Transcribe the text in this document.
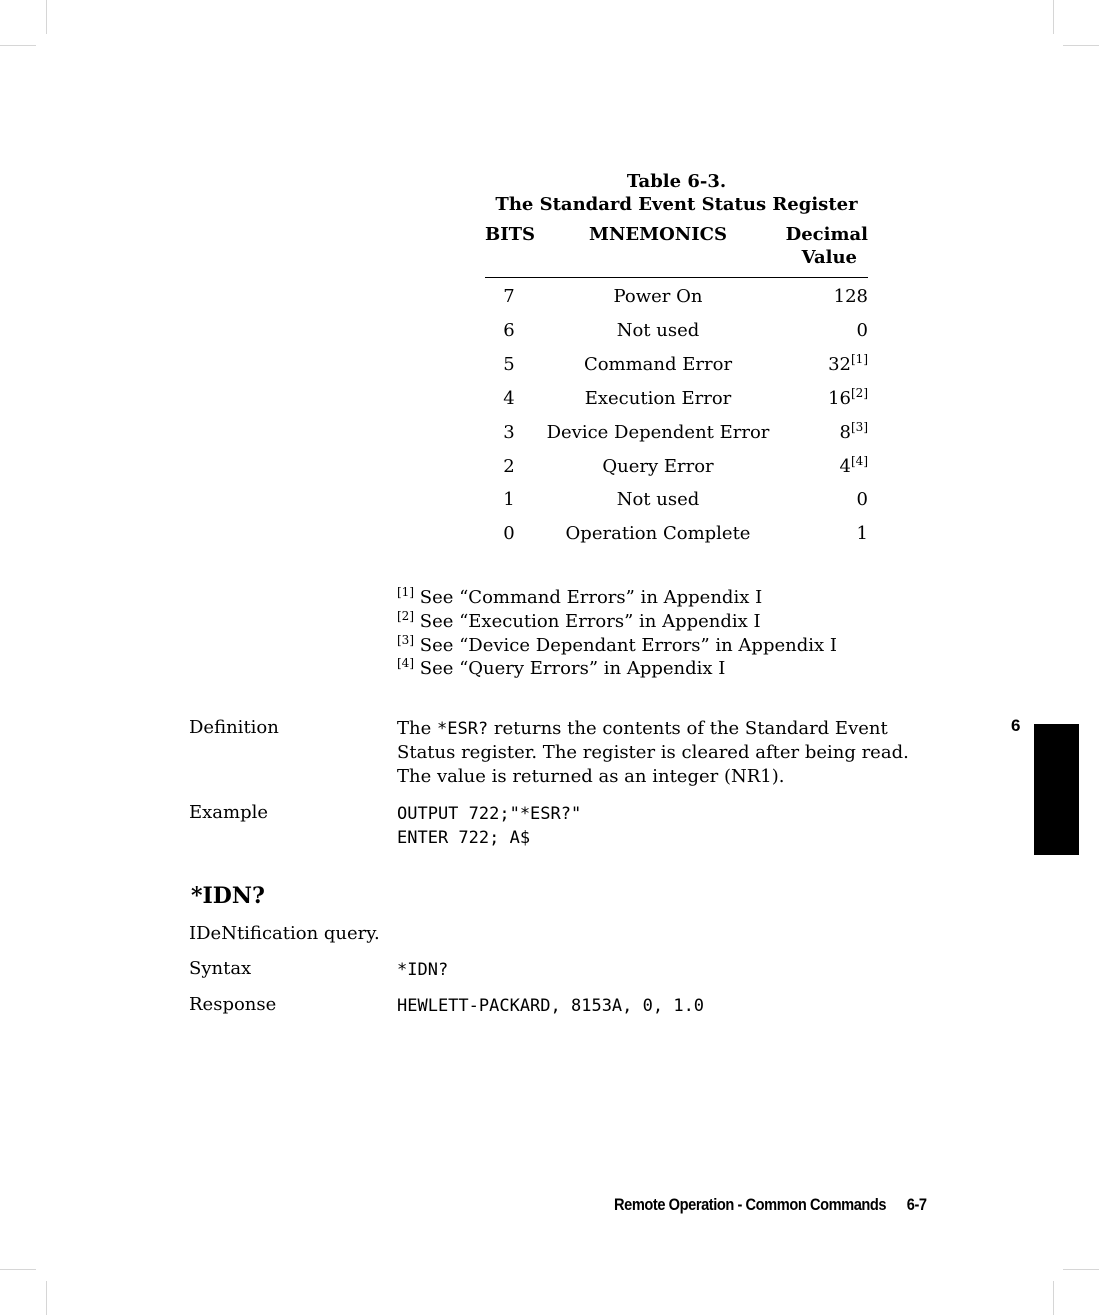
Table 6-3.
The Standard Event Status Register
BITS	MNEMONICS	Decimal
Value
7	Power On	128
6	Not used	0
5	Command Error	32[1]
4	Execution Error	16[2]
3	Device Dependent Error	8[3]
2	Query Error	4[4]
1	Not used	0
0	Operation Complete	1
[1] See “Command Errors” in Appendix I
[2] See “Execution Errors” in Appendix I
[3] See “Device Dependant Errors” in Appendix I
[4] See “Query Errors” in Appendix I
Definition	The *ESR? returns the contents of the Standard Event
Status register. The register is cleared after being read.
The value is returned as an integer (NR1).
Example	OUTPUT 722;"*ESR?"
ENTER 722; A$
*IDN?
IDeNtification query.
Syntax	*IDN?
Response	HEWLETT-PACKARD, 8153A, 0, 1.0
6
Remote Operation - Common Commands 6-7
